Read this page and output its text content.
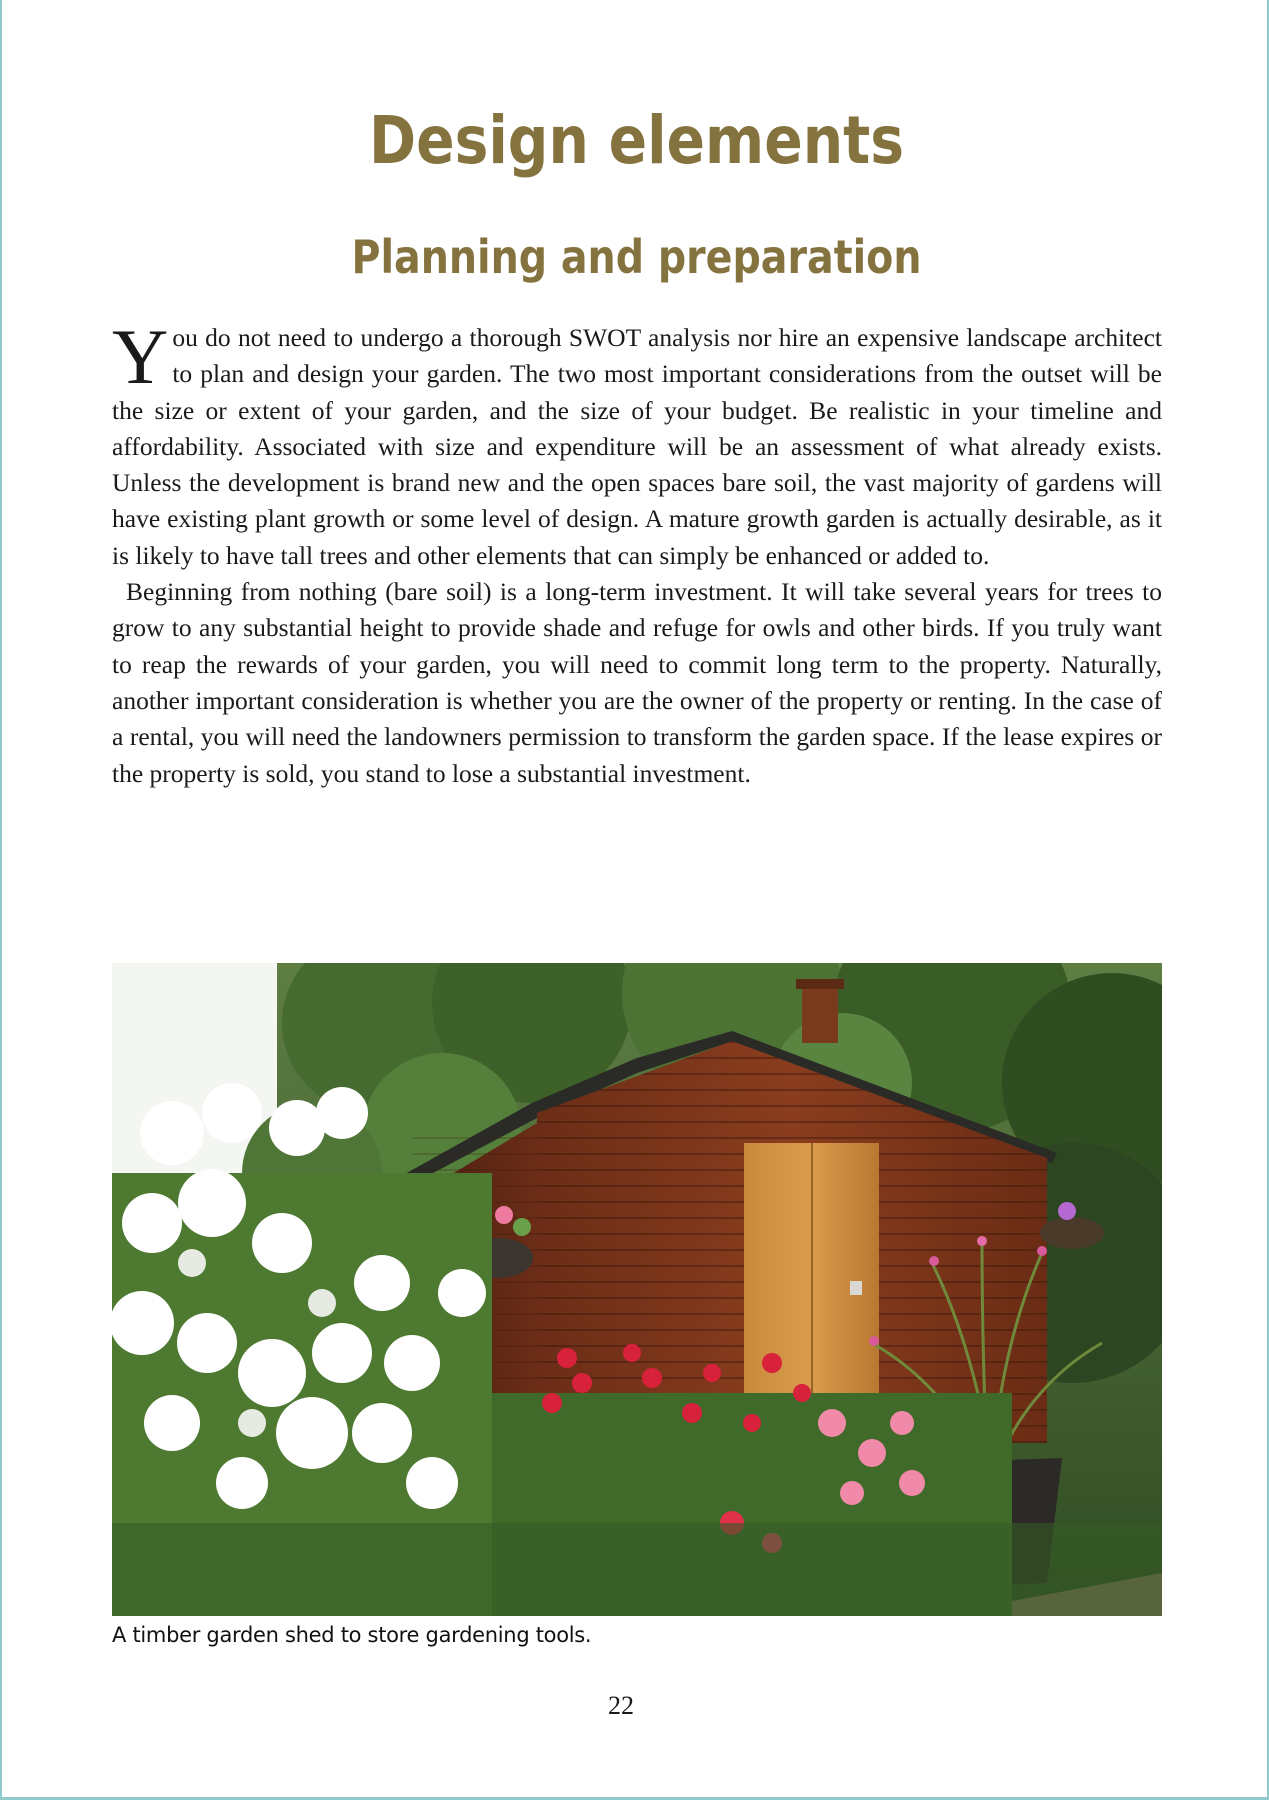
Design elements
Planning and preparation

You do not need to undergo a thorough SWOT analysis nor hire an expensive landscape architect to plan and design your garden. The two most important considerations from the outset will be the size or extent of your garden, and the size of your budget. Be realistic in your timeline and affordability. Associated with size and expenditure will be an assessment of what already exists. Unless the development is brand new and the open spaces bare soil, the vast majority of gardens will have existing plant growth or some level of design. A mature growth garden is actually desirable, as it is likely to have tall trees and other elements that can simply be enhanced or added to.

Beginning from nothing (bare soil) is a long-term investment. It will take several years for trees to grow to any substantial height to provide shade and refuge for owls and other birds. If you truly want to reap the rewards of your garden, you will need to commit long term to the property. Naturally, another important consideration is whether you are the owner of the property or renting. In the case of a rental, you will need the landowners permission to transform the garden space. If the lease expires or the property is sold, you stand to lose a substantial investment.

A timber garden shed to store gardening tools.
22
